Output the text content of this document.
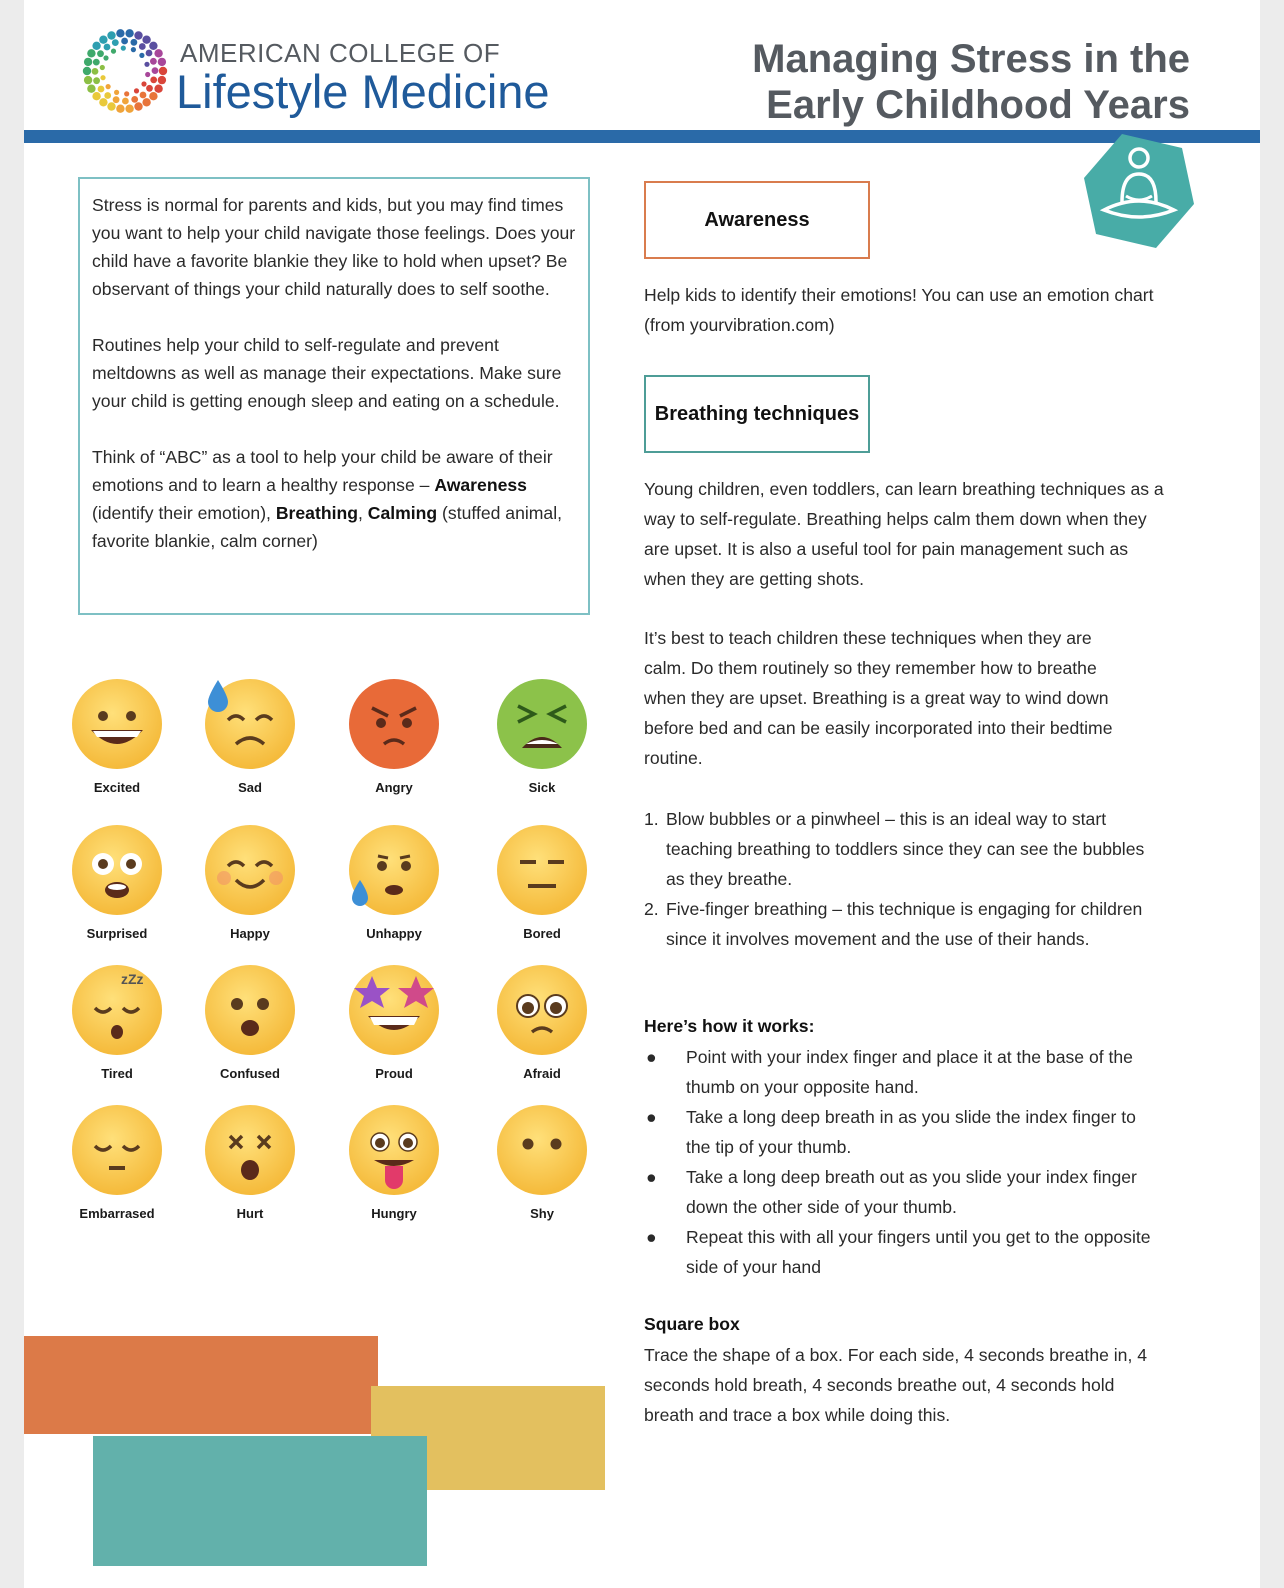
AMERICAN COLLEGE OF
Lifestyle Medicine
Managing Stress in the
Early Childhood Years

Stress is normal for parents and kids, but you may find times you want to help your child navigate those feelings. Does your child have a favorite blankie they like to hold when upset? Be observant of things your child naturally does to self soothe.

Routines help your child to self-regulate and prevent meltdowns as well as manage their expectations. Make sure your child is getting enough sleep and eating on a schedule.

Think of “ABC” as a tool to help your child be aware of their emotions and to learn a healthy response – Awareness (identify their emotion), Breathing, Calming (stuffed animal, favorite blankie, calm corner)

Excited	Sad	Angry	Sick
Surprised	Happy	Unhappy	Bored
zZz
Tired	Confused	Proud	Afraid
Embarrased	Hurt	Hungry	Shy
Awareness
Help kids to identify their emotions! You can use an emotion chart (from yourvibration.com)
Breathing techniques
Young children, even toddlers, can learn breathing techniques as a way to self-regulate. Breathing helps calm them down when they are upset. It is also a useful tool for pain management such as when they are getting shots.
It’s best to teach children these techniques when they are calm. Do them routinely so they remember how to breathe when they are upset. Breathing is a great way to wind down before bed and can be easily incorporated into their bedtime routine.
1. Blow bubbles or a pinwheel – this is an ideal way to start teaching breathing to toddlers since they can see the bubbles as they breathe.
2. Five-finger breathing – this technique is engaging for children since it involves movement and the use of their hands.
Here’s how it works:
●	Point with your index finger and place it at the base of the thumb on your opposite hand.
●	Take a long deep breath in as you slide the index finger to the tip of your thumb.
●	Take a long deep breath out as you slide your index finger down the other side of your thumb.
●	Repeat this with all your fingers until you get to the opposite side of your hand
Square box
Trace the shape of a box. For each side, 4 seconds breathe in, 4 seconds hold breath, 4 seconds breathe out, 4 seconds hold breath and trace a box while doing this.
